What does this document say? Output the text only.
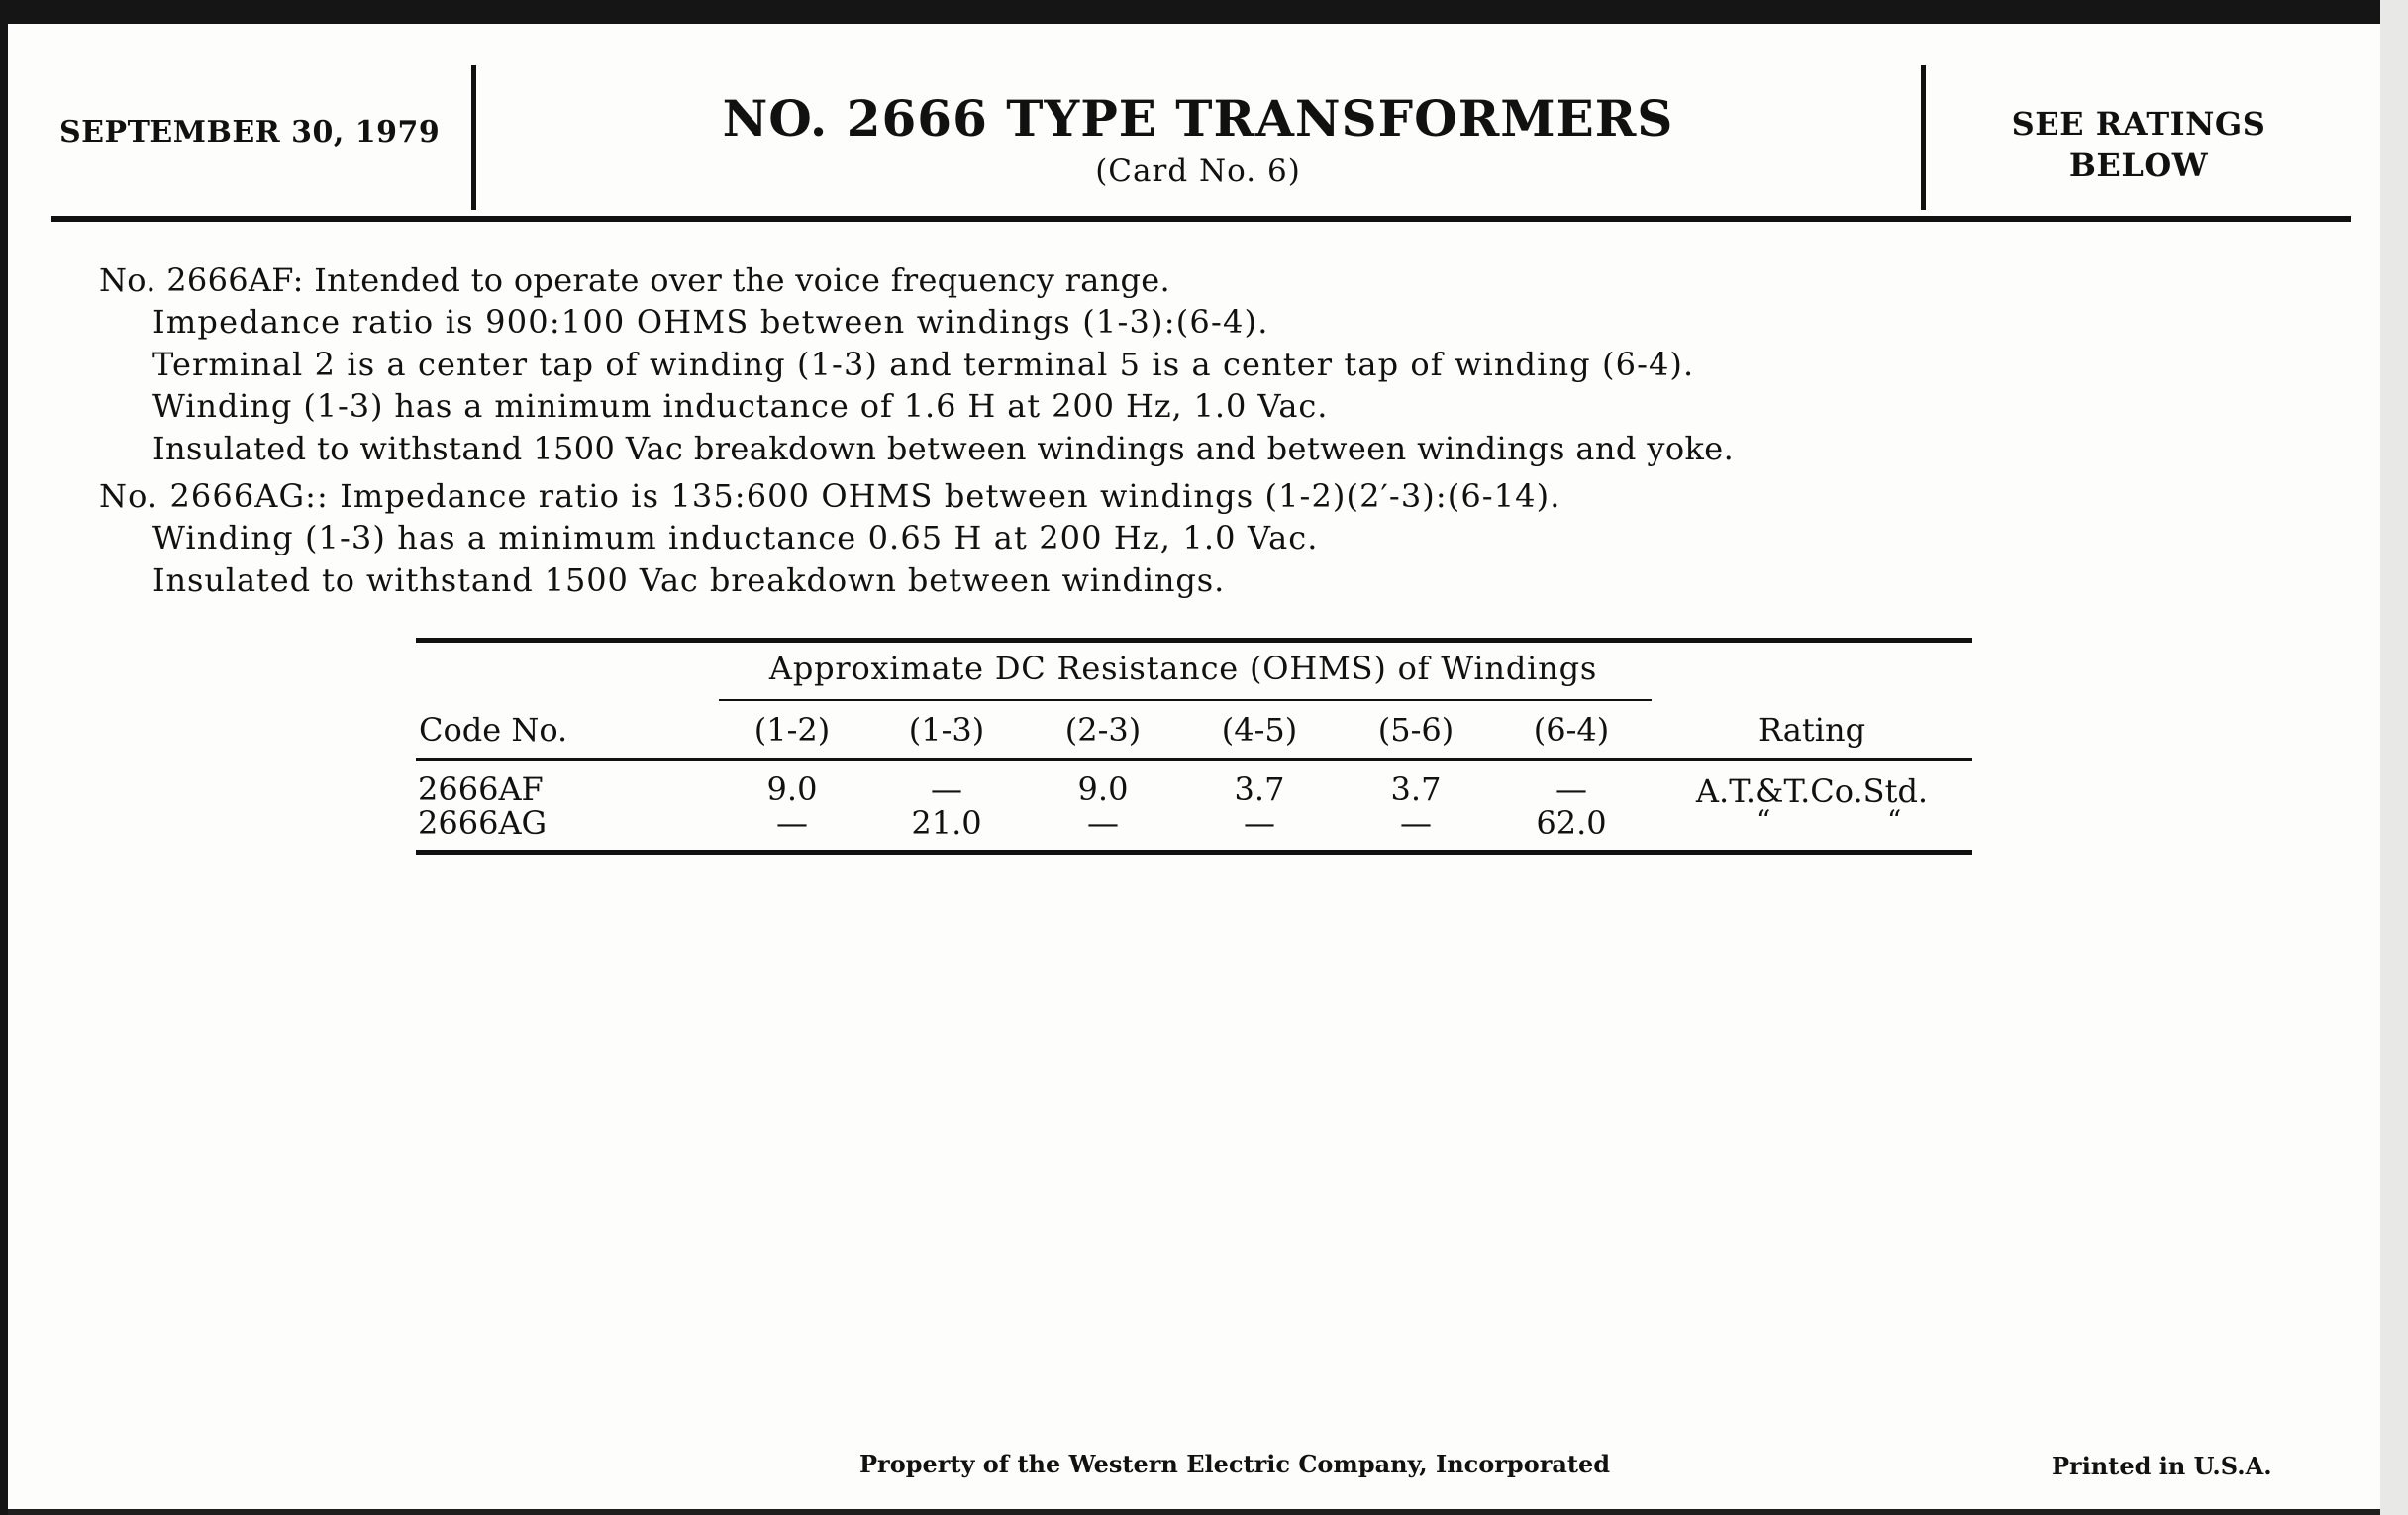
SEPTEMBER 30, 1979	NO. 2666 TYPE TRANSFORMERS
(Card No. 6)
SEE RATINGS
BELOW
No. 2666AF: Intended to operate over the voice frequency range.
Impedance ratio is 900:100 OHMS between windings (1-3):(6-4).
Terminal 2 is a center tap of winding (1-3) and terminal 5 is a center tap of winding (6-4).
Winding (1-3) has a minimum inductance of 1.6 H at 200 Hz, 1.0 Vac.
Insulated to withstand 1500 Vac breakdown between windings and between windings and yoke.
No. 2666AG:: Impedance ratio is 135:600 OHMS between windings (1-2)(2′-3):(6-14).
Winding (1-3) has a minimum inductance 0.65 H at 200 Hz, 1.0 Vac.
Insulated to withstand 1500 Vac breakdown between windings.
Approximate DC Resistance (OHMS) of Windings
Code No.	(1-2)	(1-3)	(2-3)	(4-5)	(5-6)	(6-4)	Rating
2666AF	9.0	—	9.0	3.7	3.7	—	A.T.&T.Co.Std.
2666AG	—	21.0	—	—	—	62.0	“	“
Property of the Western Electric Company, Incorporated	Printed in U.S.A.
